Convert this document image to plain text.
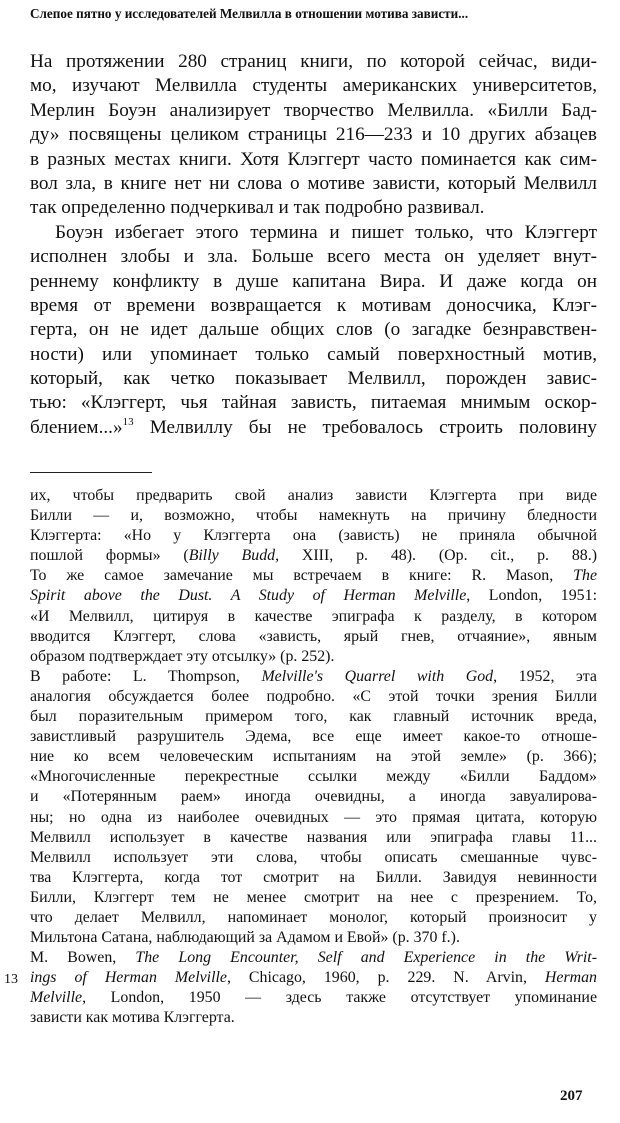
Слепое пятно у исследователей Мелвилла в отношении мотива зависти...
На протяжении 280 страниц книги, по которой сейчас, види-
мо, изучают Мелвилла студенты американских университетов,
Мерлин Боуэн анализирует творчество Мелвилла. «Билли Бад-
ду» посвящены целиком страницы 216—233 и 10 других абзацев
в разных местах книги. Хотя Клэггерт часто поминается как сим-
вол зла, в книге нет ни слова о мотиве зависти, который Мелвилл
так определенно подчеркивал и так подробно развивал.
Боуэн избегает этого термина и пишет только, что Клэггерт
исполнен злобы и зла. Больше всего места он уделяет внут-
реннему конфликту в душе капитана Вира. И даже когда он
время от времени возвращается к мотивам доносчика, Клэг-
герта, он не идет дальше общих слов (о загадке безнравствен-
ности) или упоминает только самый поверхностный мотив,
который, как четко показывает Мелвилл, порожден завис-
тью: «Клэггерт, чья тайная зависть, питаемая мнимым оскор-
блением...»$^{13}$ Мелвиллу бы не требовалось строить половину
их, чтобы предварить свой анализ зависти Клэггерта при виде
Билли — и, возможно, чтобы намекнуть на причину бледности
Клэггерта: «Но у Клэггерта она (зависть) не приняла обычной
пошлой формы» (Billy Budd, XIII, p. 48). (Op. cit., p. 88.)
То же самое замечание мы встречаем в книге: R. Mason, The
Spirit above the Dust. A Study of Herman Melville, London, 1951:
«И Мелвилл, цитируя в качестве эпиграфа к разделу, в котором
вводится Клэггерт, слова «зависть, ярый гнев, отчаяние», явным
образом подтверждает эту отсылку» (p. 252).
В работе: L. Thompson, Melville's Quarrel with God, 1952, эта
аналогия обсуждается более подробно. «С этой точки зрения Билли
был поразительным примером того, как главный источник вреда,
завистливый разрушитель Эдема, все еще имеет какое-то отноше-
ние ко всем человеческим испытаниям на этой земле» (p. 366);
«Многочисленные перекрестные ссылки между «Билли Баддом»
и «Потерянным раем» иногда очевидны, а иногда завуалирова-
ны; но одна из наиболее очевидных — это прямая цитата, которую
Мелвилл использует в качестве названия или эпиграфа главы 11...
Мелвилл использует эти слова, чтобы описать смешанные чувс-
тва Клэггерта, когда тот смотрит на Билли. Завидуя невинности
Билли, Клэггерт тем не менее смотрит на нее с презрением. То,
что делает Мелвилл, напоминает монолог, который произносит у
Мильтона Сатана, наблюдающий за Адамом и Евой» (p. 370 f.).
M. Bowen, The Long Encounter, Self and Experience in the Writ-
ings of Herman Melville, Chicago, 1960, p. 229. N. Arvin, Herman
Melville, London, 1950 — здесь также отсутствует упоминание
зависти как мотива Клэггерта.
13
207
